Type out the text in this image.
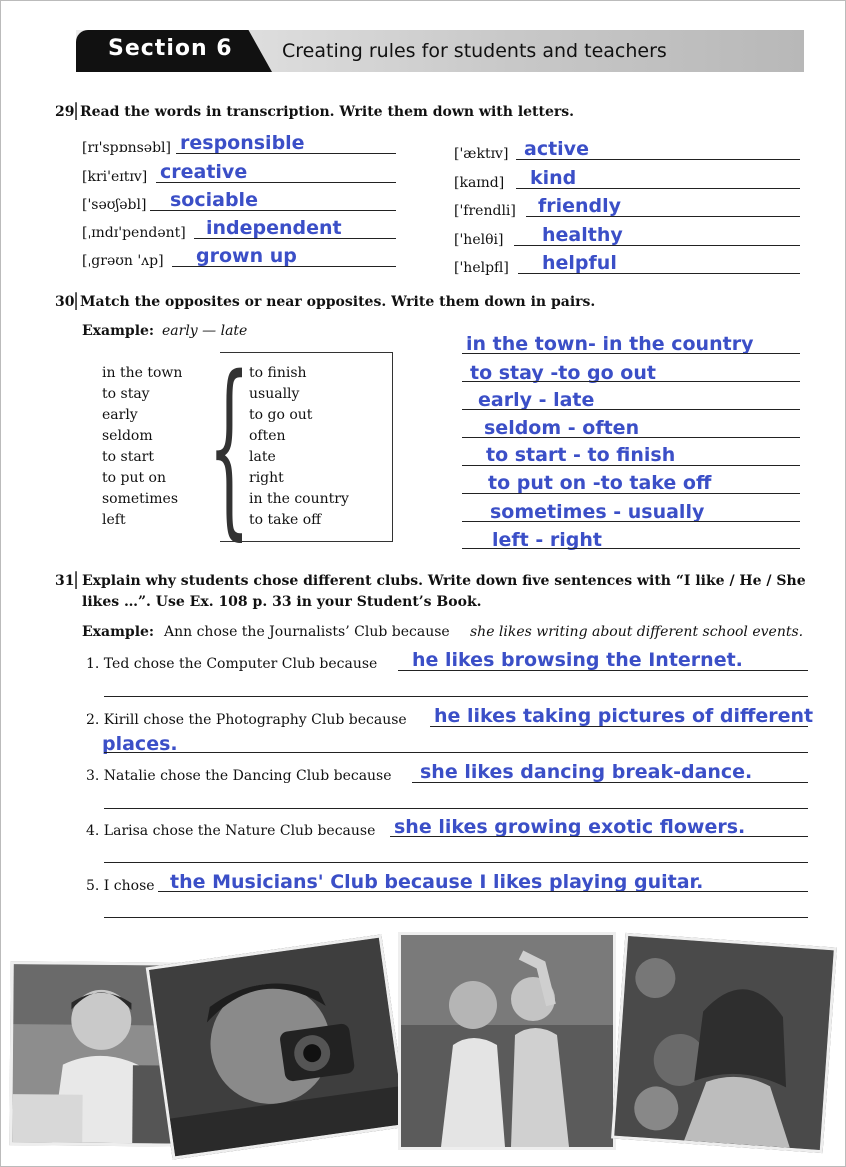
Section 6	Creating rules for students and teachers
29
| Read the words in transcription. Write them down with letters.
[rɪ'spɒnsəbl] responsible
[kri'eɪtɪv] creative
['səʊʃəbl] sociable
[ˌɪndɪ'pendənt] independent
[ˌgrəʊn 'ʌp] grown up
['æktɪv] active
[kaɪnd] kind
['frendli] friendly
['helθi] healthy
['helpfl] helpful
30
| Match the opposites or near opposites. Write them down in pairs.
Example: early — late
{
in the town
to stay
early
seldom
to start
to put on
sometimes
left
to finish
usually
to go out
often
late
right
in the country
to take off
in the town- in the country
to stay -to go out
early - late
seldom - often
to start - to finish
to put on -to take off
sometimes - usually
left - right
31
| Explain why students chose different clubs. Write down five sentences with “I like / He / She
likes …”. Use Ex. 108 p. 33 in your Student’s Book.
Example: Ann chose the Journalists’ Club because she likes writing about different school events.
1. Ted chose the Computer Club because he likes browsing the Internet.
2. Kirill chose the Photography Club because he likes taking pictures of different
places.
3. Natalie chose the Dancing Club because she likes dancing break-dance.
4. Larisa chose the Nature Club because she likes growing exotic flowers.
5. I chose the Musicians' Club because I likes playing guitar.
